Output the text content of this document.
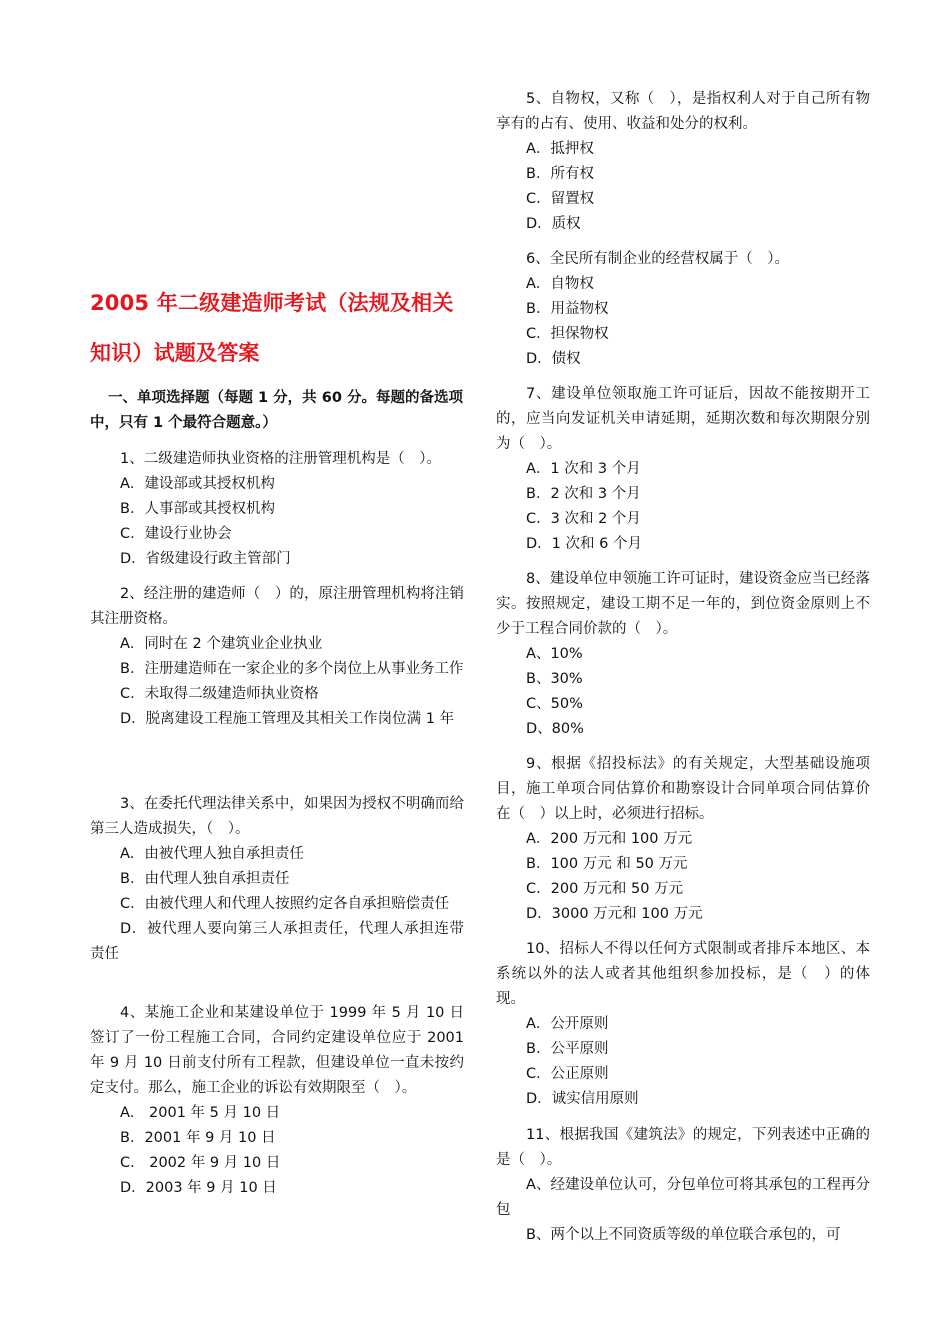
2005 年二级建造师考试（法规及相关知识）试题及答案
一、单项选择题（每题 1 分，共 60 分。每题的备选项中，只有 1 个最符合题意。）

1、二级建造师执业资格的注册管理机构是（　）。

A．建设部或其授权机构

B．人事部或其授权机构

C．建设行业协会

D．省级建设行政主管部门

2、经注册的建造师（　）的，原注册管理机构将注销其注册资格。

A．同时在 2 个建筑业企业执业

B．注册建造师在一家企业的多个岗位上从事业务工作

C．未取得二级建造师执业资格

D．脱离建设工程施工管理及其相关工作岗位满 1 年

3、在委托代理法律关系中，如果因为授权不明确而给第三人造成损失，（　）。

A．由被代理人独自承担责任

B．由代理人独自承担责任

C．由被代理人和代理人按照约定各自承担赔偿责任

D．被代理人要向第三人承担责任，代理人承担连带责任

4、某施工企业和某建设单位于 1999 年 5 月 10 日签订了一份工程施工合同，合同约定建设单位应于 2001 年 9 月 10 日前支付所有工程款，但建设单位一直未按约定支付。那么，施工企业的诉讼有效期限至（　）。

A． 2001 年 5 月 10 日

B．2001 年 9 月 10 日

C． 2002 年 9 月 10 日

D．2003 年 9 月 10 日

5、自物权，又称（　），是指权利人对于自己所有物享有的占有、使用、收益和处分的权利。

A．抵押权

B．所有权

C．留置权

D．质权

6、全民所有制企业的经营权属于（　）。

A．自物权

B．用益物权

C．担保物权

D．债权

7、建设单位领取施工许可证后，因故不能按期开工的，应当向发证机关申请延期，延期次数和每次期限分别为（　）。

A．1 次和 3 个月

B．2 次和 3 个月

C．3 次和 2 个月

D．1 次和 6 个月

8、建设单位申领施工许可证时，建设资金应当已经落实。按照规定，建设工期不足一年的，到位资金原则上不少于工程合同价款的（　）。

A、10%

B、30%

C、50%

D、80%

9、根据《招投标法》的有关规定，大型基础设施项目，施工单项合同估算价和勘察设计合同单项合同估算价在（　）以上时，必须进行招标。

A．200 万元和 100 万元

B．100 万元 和 50 万元

C．200 万元和 50 万元

D．3000 万元和 100 万元

10、招标人不得以任何方式限制或者排斥本地区、本系统以外的法人或者其他组织参加投标，是（　）的体现。

A．公开原则

B．公平原则

C．公正原则

D．诚实信用原则

11、根据我国《建筑法》的规定，下列表述中正确的是（　）。

A、经建设单位认可，分包单位可将其承包的工程再分包

B、两个以上不同资质等级的单位联合承包的，可
